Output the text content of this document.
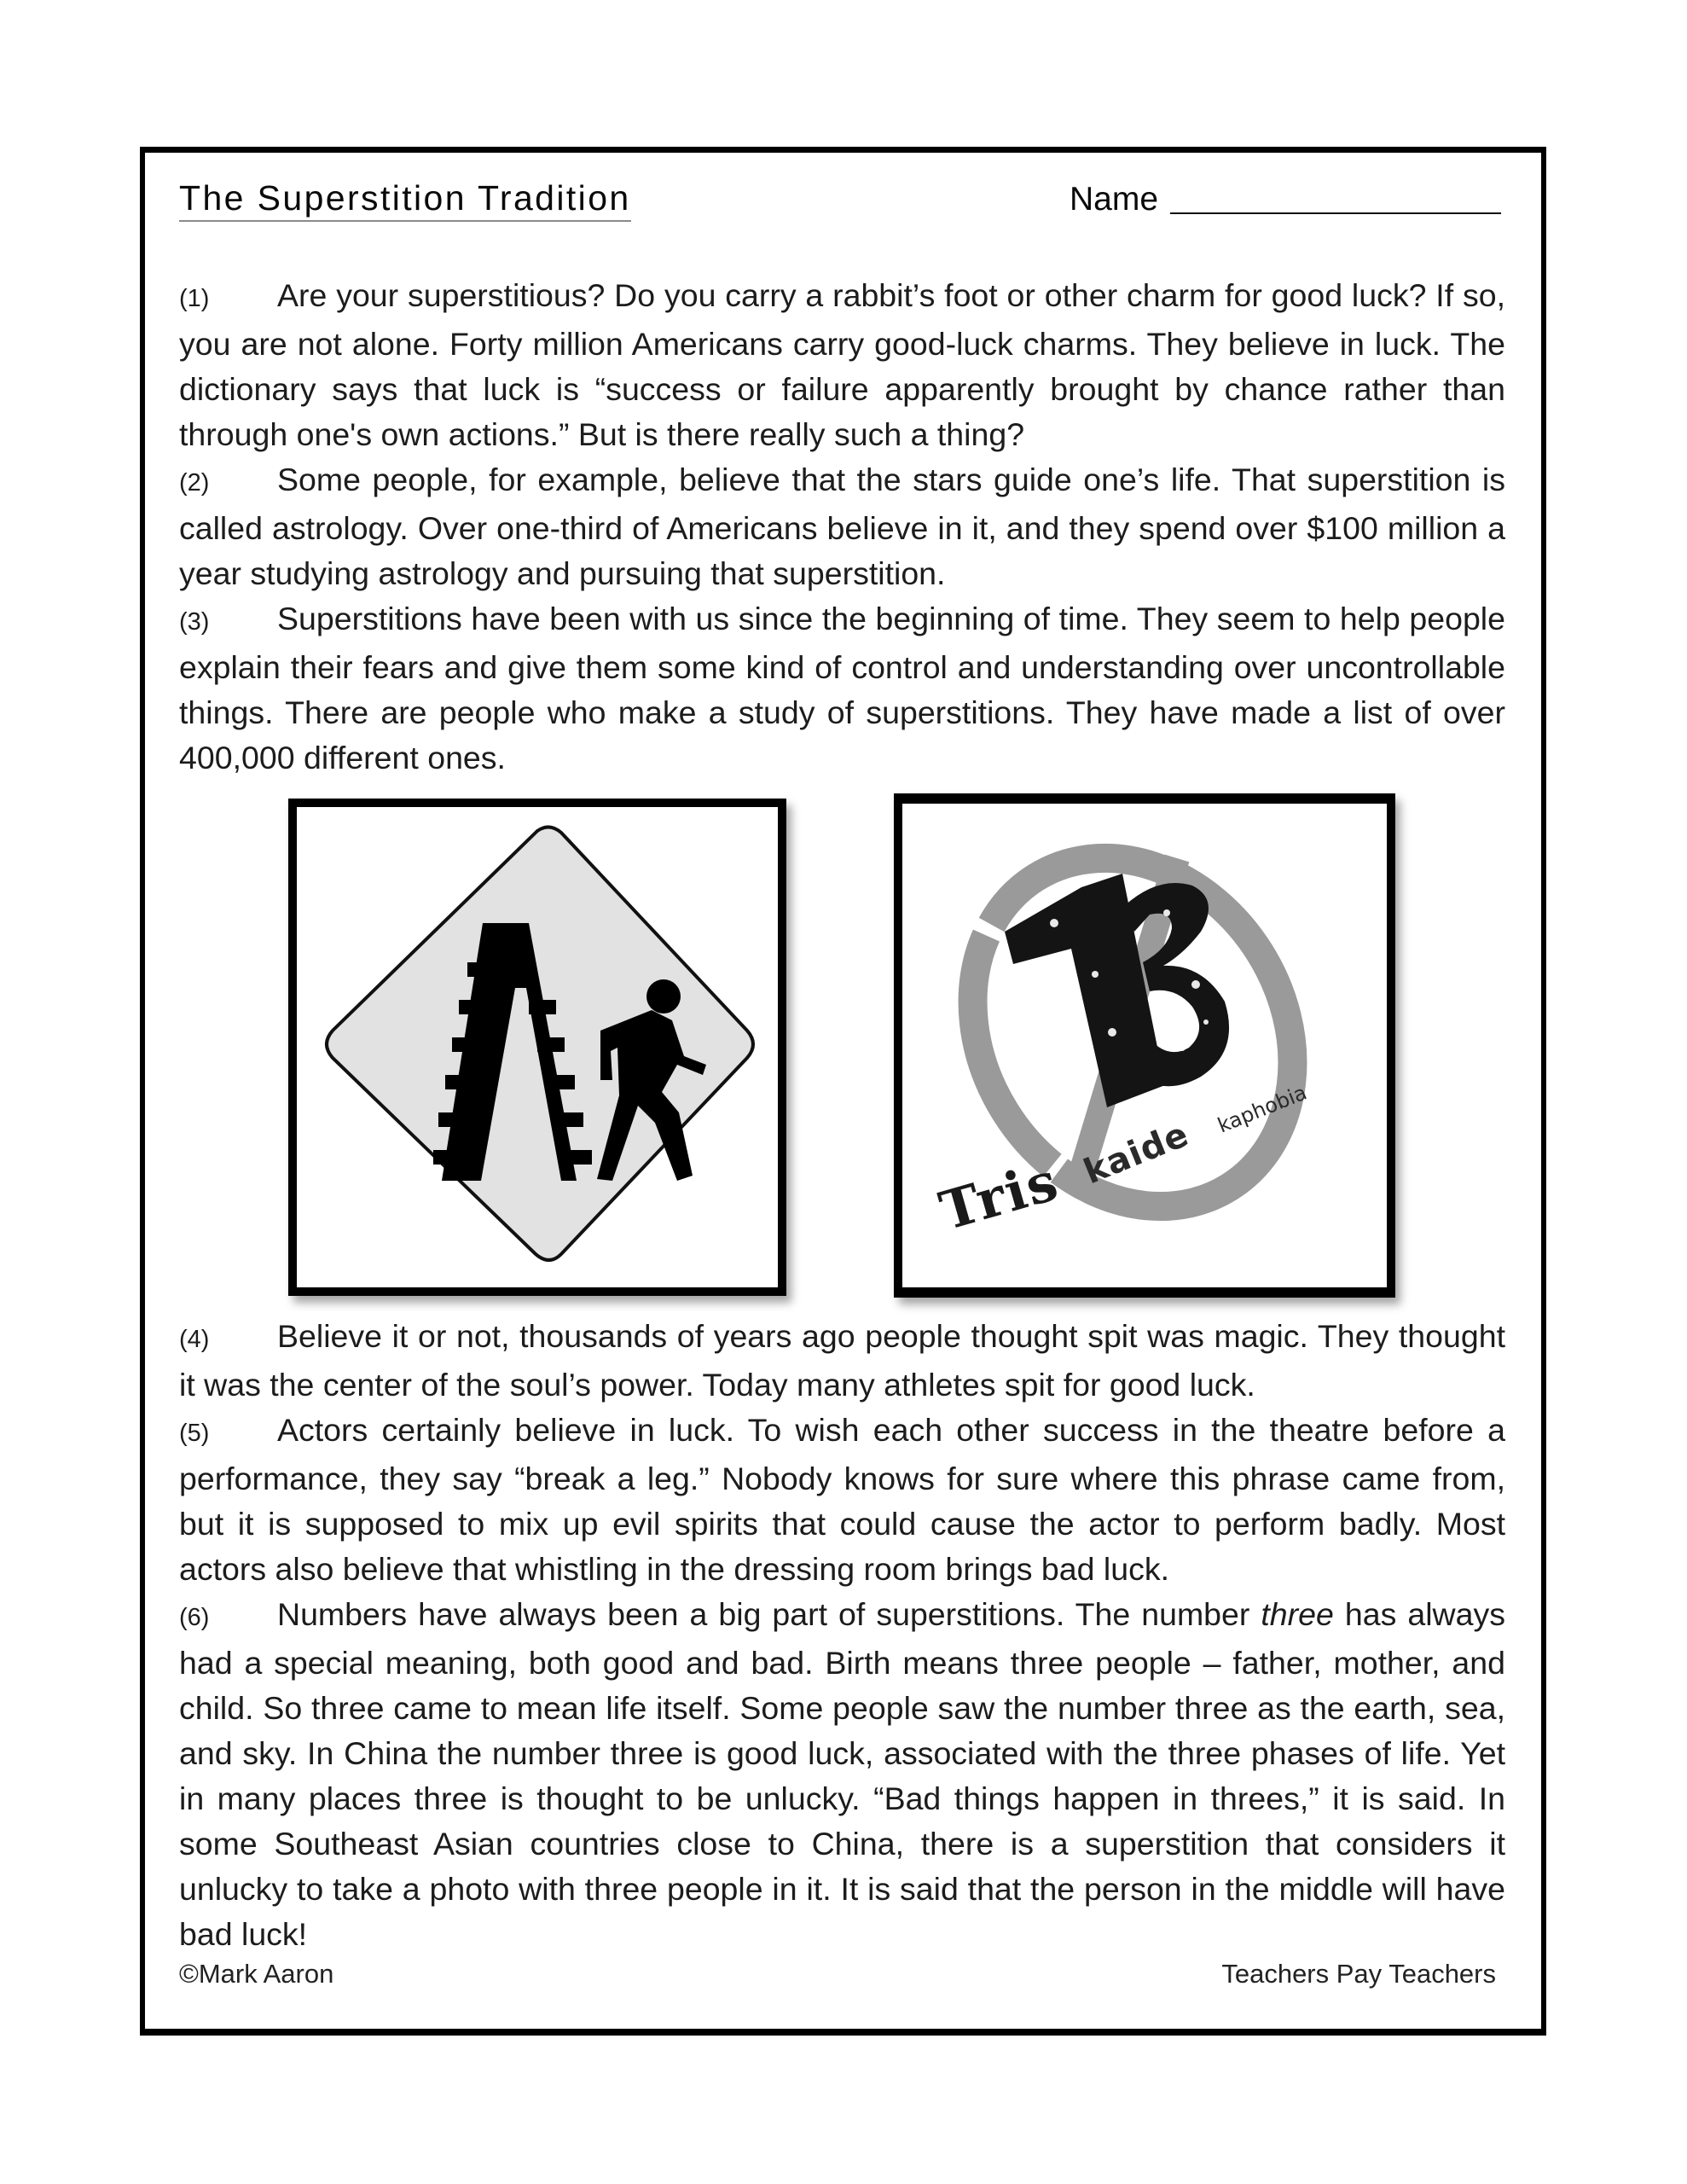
The Superstition Tradition	Name

(1) Are your superstitious? Do you carry a rabbit’s foot or other charm for good luck? If so, you are not alone. Forty million Americans carry good-luck charms. They believe in luck. The dictionary says that luck is “success or failure apparently brought by chance rather than through one's own actions.” But is there really such a thing?

(2) Some people, for example, believe that the stars guide one’s life. That superstition is called astrology. Over one-third of Americans believe in it, and they spend over $100 million a year studying astrology and pursuing that superstition.

(3) Superstitions have been with us since the beginning of time. They seem to help people explain their fears and give them some kind of control and understanding over uncontrollable things. There are people who make a study of superstitions. They have made a list of over 400,000 different ones.

Tris kaide
kaphobia

(4) Believe it or not, thousands of years ago people thought spit was magic. They thought it was the center of the soul’s power. Today many athletes spit for good luck.

(5) Actors certainly believe in luck. To wish each other success in the theatre before a performance, they say “break a leg.” Nobody knows for sure where this phrase came from, but it is supposed to mix up evil spirits that could cause the actor to perform badly. Most actors also believe that whistling in the dressing room brings bad luck.

(6) Numbers have always been a big part of superstitions. The number three has always had a special meaning, both good and bad. Birth means three people – father, mother, and child. So three came to mean life itself. Some people saw the number three as the earth, sea, and sky. In China the number three is good luck, associated with the three phases of life. Yet in many places three is thought to be unlucky. “Bad things happen in threes,” it is said. In some Southeast Asian countries close to China, there is a superstition that considers it unlucky to take a photo with three people in it. It is said that the person in the middle will have bad luck!

©Mark Aaron	Teachers Pay Teachers
